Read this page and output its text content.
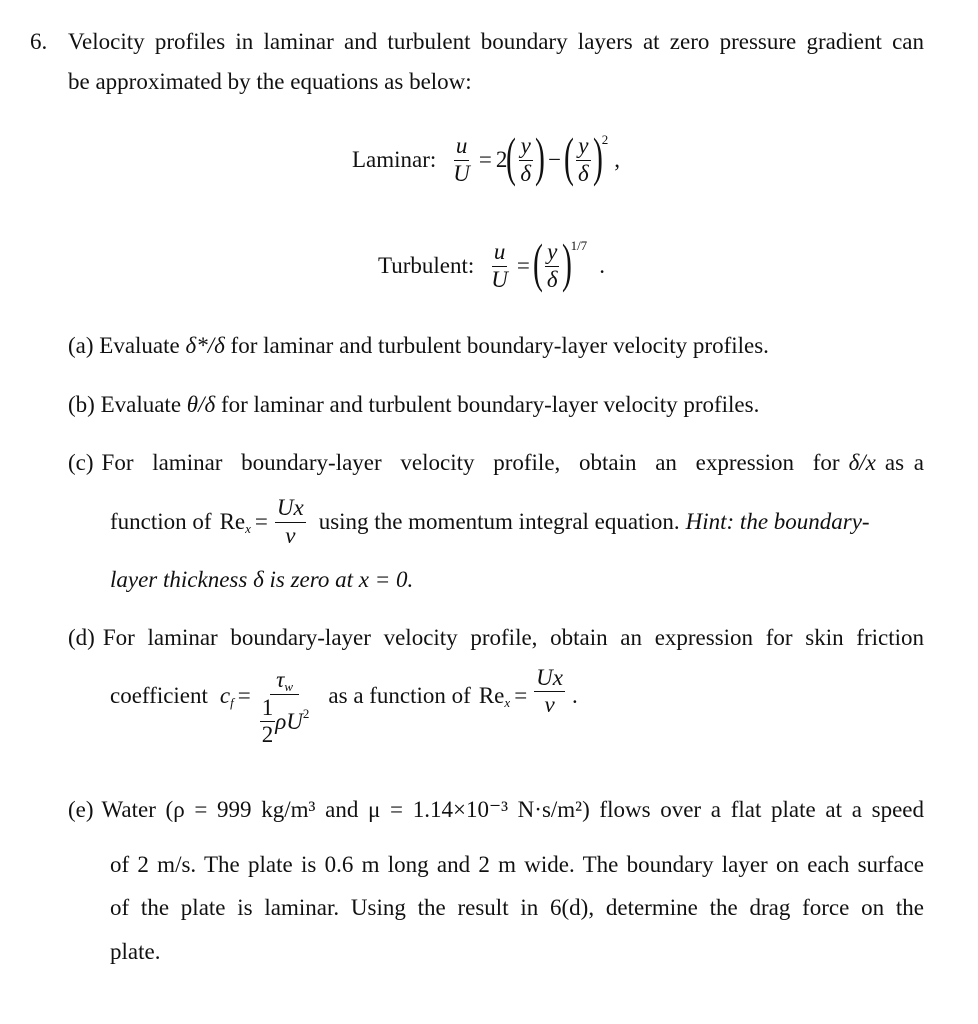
6. Velocity profiles in laminar and turbulent boundary layers at zero pressure gradient can
be approximated by the equations as below:
Laminar: $\frac{u}{U} = 2$ ( $\frac{y}{\delta}$ ) − ( $\frac{y}{\delta}$ ) 2
,
Turbulent: $\frac{u}{U}$ = ( $\frac{y}{\delta}$ ) 1/7
.
(a) Evaluate δ*/δ for laminar and turbulent boundary-layer velocity profiles.
(b) Evaluate θ/δ for laminar and turbulent boundary-layer velocity profiles.
(c) For laminar boundary-layer velocity profile, obtain an expression for δ/x as a
function of Re $x = \frac{Ux}{\nu}$ using the momentum integral equation. Hint: the boundary-
layer thickness δ is zero at x = 0.
(d) For laminar boundary-layer velocity profile, obtain an expression for skin friction
coefficient c $f = \frac{\tau w}{\frac{1}{2} \rho U 2}$ as a function of Re $x = \frac{Ux}{\nu}$ .
(e) Water (ρ = 999 kg/m³ and μ = 1.14×10⁻³ N·s/m²) flows over a flat plate at a speed
of 2 m/s. The plate is 0.6 m long and 2 m wide. The boundary layer on each surface
of the plate is laminar. Using the result in 6(d), determine the drag force on the
plate.
